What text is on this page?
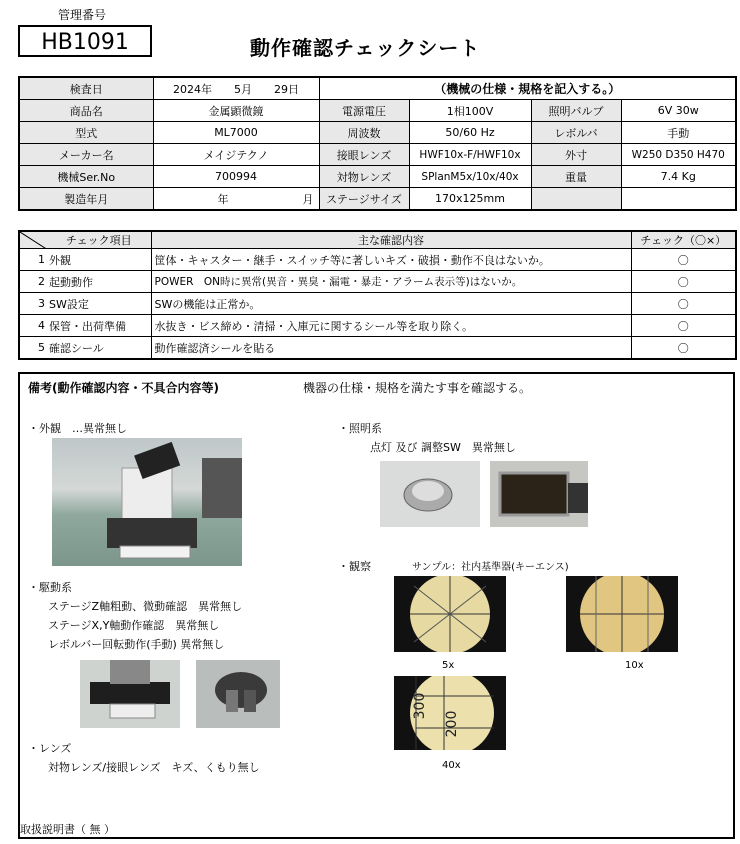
管理番号
HB1091	動作確認チェックシート
検査日	2024年　　5月　　29日	（機械の仕様・規格を記入する。）			
商品名	金属顕微鏡	電源電圧	1相100V	照明バルブ	6V 30w
型式	ML7000	周波数	50/60 Hz	レボルバ	手動
メーカー名	メイジテクノ	接眼レンズ	HWF10x-F/HWF10x	外寸	W250 D350 H470
機械Ser.No	700994	対物レンズ	SPlanM5x/10x/40x	重量	7.4 Kg
製造年月	年 月	ステージサイズ	170x125mm		
	チェック項目	主な確認内容	チェック（〇×）
1	外観	筐体・キャスター・継手・スイッチ等に著しいキズ・破損・動作不良はないか。	〇
2	起動動作	POWER　ON時に異常(異音・異臭・漏電・暴走・アラーム表示等)はないか。	〇
3	SW設定	SWの機能は正常か。	〇
4	保管・出荷準備	水抜き・ビス締め・清掃・入庫元に関するシール等を取り除く。	〇
5	確認シール	動作確認済シールを貼る	〇
備考(動作確認内容・不具合内容等)	機器の仕様・規格を満たす事を確認する。
・外観　…異常無し
・駆動系
ステージZ軸粗動、微動確認　異常無し
ステージX,Y軸動作確認　異常無し
レボルバー回転動作(手動) 異常無し
・レンズ
対物レンズ/接眼レンズ　キズ、くもり無し
・照明系
点灯 及び 調整SW　異常無し
・観察	サンプル：社内基準器(キーエンス)
5x	10x
300
200
40x
取扱説明書（ 無 ）
